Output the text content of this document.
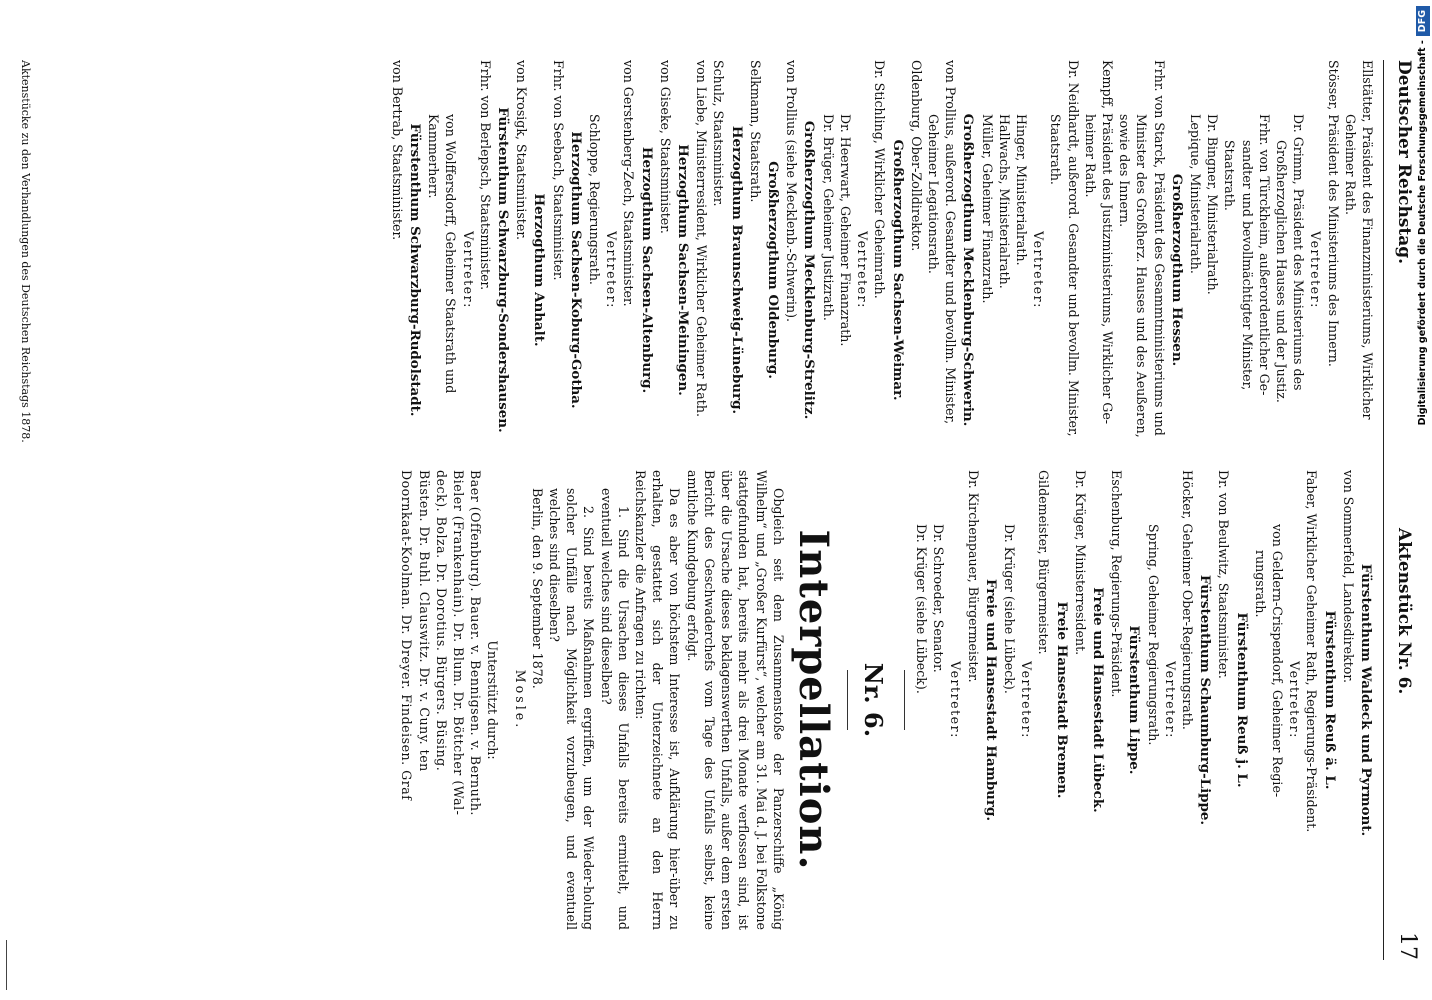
Deutscher Reichstag.
Aktenstück Nr. 6.
17
Ellstätter, Präsident des Finanzministeriums, Wirklicher
Geheimer Rath.
Stösser, Präsident des Ministeriums des Innern.
Vertreter:
Dr. Grimm, Präsident des Ministeriums des
Großherzoglichen Hauses und der Justiz.
Frhr. von Türckheim, außerordentlicher Ge-
sandter und bevollmächtigter Minister,
Staatsrath.
Dr. Bingner, Ministerialrath.
Lepique, Ministerialrath.
Großherzogthum Hessen.
Frhr. von Starck, Präsident des Gesammtministeriums und
Minister des Großherz. Hauses und des Aeußeren,
sowie des Innern.
Kempff, Präsident des Justizministeriums, Wirklicher Ge-
heimer Rath.
Dr. Neidhardt, außerord. Gesandter und bevollm. Minister,
Staatsrath.
Vertreter:
Hinger, Ministerialrath.
Hallwachs, Ministerialrath.
Müller, Geheimer Finanzrath.
Großherzogthum Mecklenburg-Schwerin.
von Prollius, außerord. Gesandter und bevollm. Minister,
Geheimer Legationsrath.
Oldenburg, Ober-Zolldirektor.
Großherzogthum Sachsen-Weimar.
Dr. Stichling, Wirklicher Geheimrath.
Vertreter:
Dr. Heerwart, Geheimer Finanzrath.
Dr. Brüger, Geheimer Justizrath.
Großherzogthum Mecklenburg-Strelitz.
von Prollius (siehe Mecklenb.-Schwerin).
Großherzogthum Oldenburg.
Selkmann, Staatsrath.
Herzogthum Braunschweig-Lüneburg.
Schulz, Staatsminister.
von Liebe, Ministerresident, Wirklicher Geheimer Rath.
Herzogthum Sachsen-Meiningen.
von Giseke, Staatsminister.
Herzogthum Sachsen-Altenburg.
von Gerstenberg-Zech, Staatsminister.
Vertreter:
Schloppe, Regierungsrath.
Herzogthum Sachsen-Koburg-Gotha.
Frhr. von Seebach, Staatsminister.
Herzogthum Anhalt.
von Krosigk, Staatsminister.
Fürstenthum Schwarzburg-Sondershausen.
Frhr. von Berlepsch, Staatsminister.
Vertreter:
von Wolffersdorff, Geheimer Staatsrath und
Kammerherr.
Fürstenthum Schwarzburg-Rudolstadt.
von Bertrab, Staatsminister.
Fürstenthum Waldeck und Pyrmont.
von Sommerfeld, Landesdirektor.
Fürstenthum Reuß ä. L.
Faber, Wirklicher Geheimer Rath, Regierungs-Präsident.
Vertreter:
von Geldern-Crispendorf, Geheimer Regie-
rungsrath.
Fürstenthum Reuß j. L.
Dr. von Beulwitz, Staatsminister.
Fürstenthum Schaumburg-Lippe.
Höcker, Geheimer Ober-Regierungsrath.
Vertreter:
Spring, Geheimer Regierungsrath.
Fürstenthum Lippe.
Eschenburg, Regierungs-Präsident.
Freie und Hansestadt Lübeck.
Dr. Krüger, Ministerresident.
Freie Hansestadt Bremen.
Gildemeister, Bürgermeister.
Vertreter:
Dr. Krüger (siehe Lübeck).
Freie und Hansestadt Hamburg.
Dr. Kirchenpauer, Bürgermeister.
Vertreter:
Dr. Schroeder, Senator.
Dr. Krüger (siehe Lübeck).
Nr. 6.
Interpellation.
Obgleich seit dem Zusammenstoße der Panzerschiffe „König Wilhelm“ und „Großer Kurfürst“, welcher am 31. Mai d. J. bei Folkstone stattgefunden hat, bereits mehr als drei Monate verflossen sind, ist über die Ursache dieses beklagenswerthen Unfalls, außer dem ersten Bericht des Geschwaderchefs vom Tage des Unfalls selbst, keine amtliche Kundgebung erfolgt.
Da es aber von höchstem Interesse ist, Aufklärung hier-über zu erhalten, gestattet sich der Unterzeichnete an den Herrn Reichskanzler die Anfragen zu richten:
1. Sind die Ursachen dieses Unfalls bereits ermittelt, und eventuell welches sind dieselben?
2. Sind bereits Maßnahmen ergriffen, um der Wieder-holung solcher Unfälle nach Möglichkeit vorzubeugen, und eventuell welches sind dieselben?
Berlin, den 9. September 1878.
Mosle.
Unterstützt durch:
Baer (Offenburg). Bauer. v. Bennigsen. v. Bernuth.
Bieler (Frankenhain). Dr. Blum. Dr. Böttcher (Wal-
deck). Bolza. Dr. Dorotius. Bürgers. Büsing.
Büsten. Dr. Buhl. Clauswitz. Dr. v. Cuny. ten
Doornkaat-Koolman. Dr. Dreyer. Findeisen. Graf
Aktenstücke zu den Verhandlungen des Deutschen Reichstags 1878.	Digitalisierung gefördert durch die Deutsche Forschungsgemeinschaft -DFG
